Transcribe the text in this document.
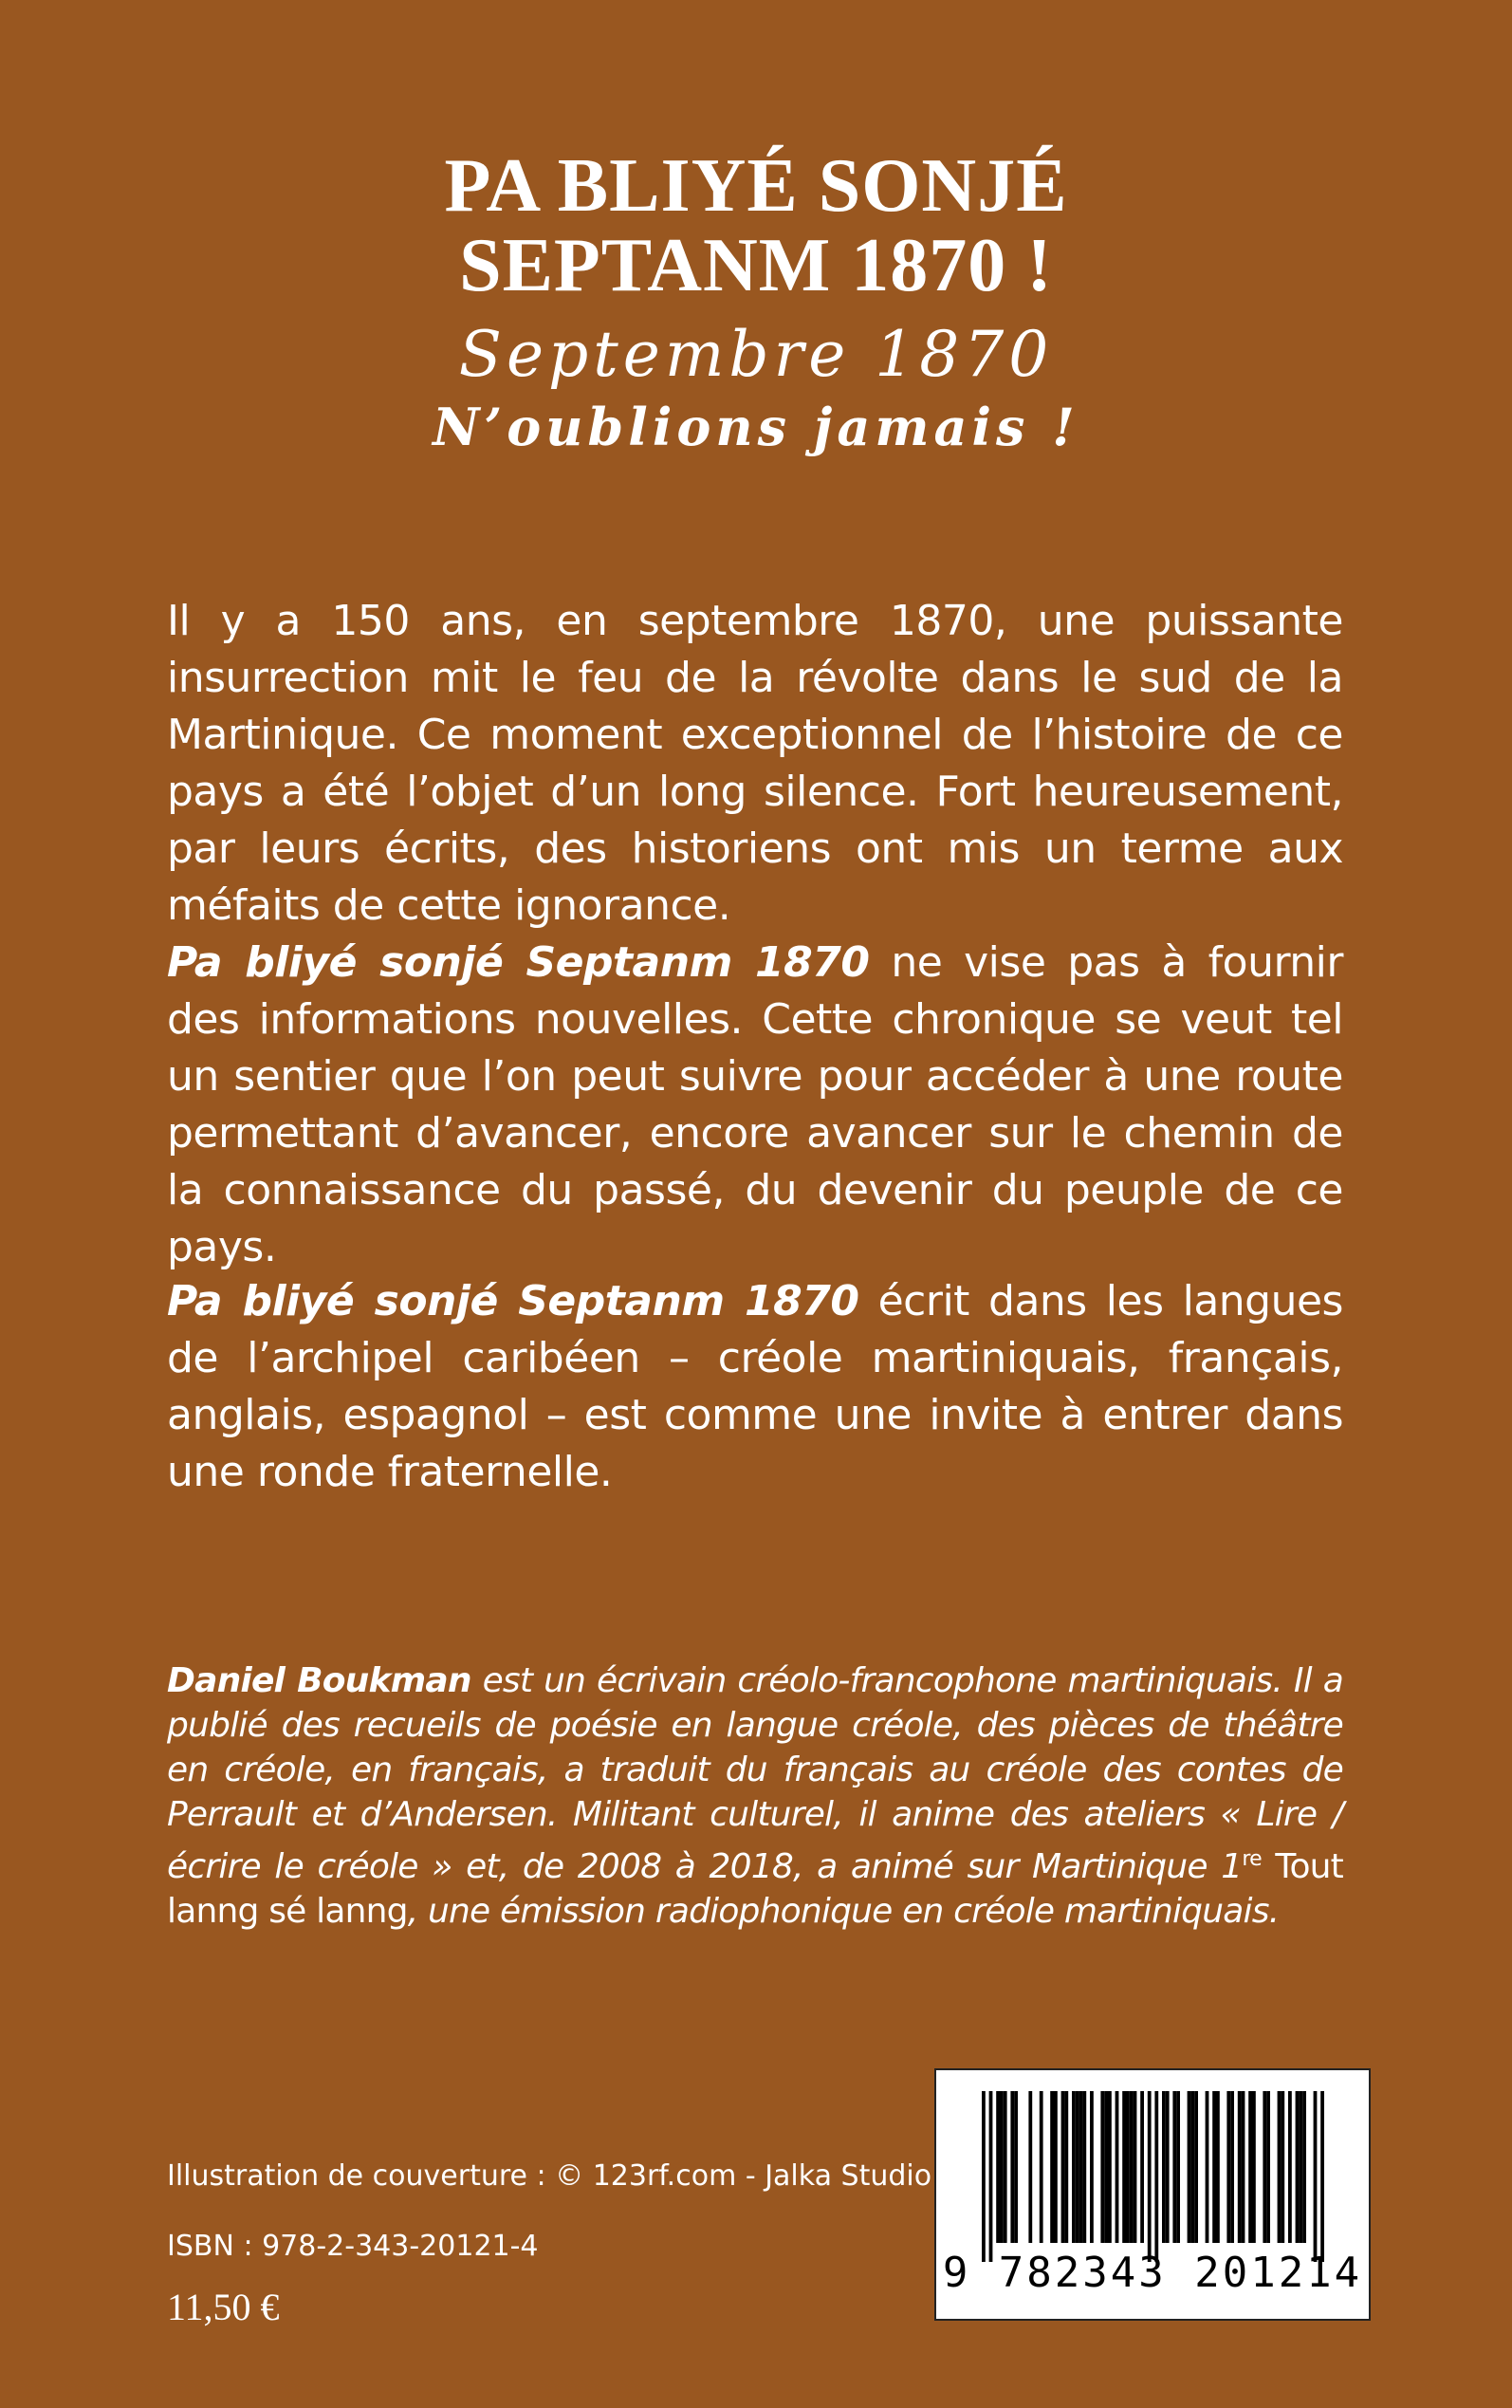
PA BLIYÉ SONJÉ
SEPTANM 1870 !
Septembre 1870
N’oublions jamais !

Il y a 150 ans, en septembre 1870, une puissante insurrection mit le feu de la révolte dans le sud de la Martinique. Ce moment exceptionnel de l’histoire de ce pays a été l’objet d’un long silence. Fort heureusement, par leurs écrits, des historiens ont mis un terme aux méfaits de cette ignorance.

Pa bliyé sonjé Septanm 1870 ne vise pas à fournir des informations nouvelles. Cette chronique se veut tel un sentier que l’on peut suivre pour accéder à une route permettant d’avancer, encore avancer sur le chemin de la connaissance du passé, du devenir du peuple de ce pays.

Pa bliyé sonjé Septanm 1870 écrit dans les langues de l’archipel caribéen – créole martiniquais, français, anglais, espagnol – est comme une invite à entrer dans une ronde fraternelle.

Daniel Boukman est un écrivain créolo-francophone martiniquais. Il a publié des recueils de poésie en langue créole, des pièces de théâtre en créole, en français, a traduit du français au créole des contes de Perrault et d’Andersen. Militant culturel, il anime des ateliers « Lire / écrire le créole » et, de 2008 à 2018, a animé sur Martinique 1re Tout lanng sé lanng, une émission radiophonique en créole martiniquais.

Illustration de couverture : © 123rf.com - Jalka Studio
ISBN : 978-2-343-20121-4
11,50 €
9 782343 201214
